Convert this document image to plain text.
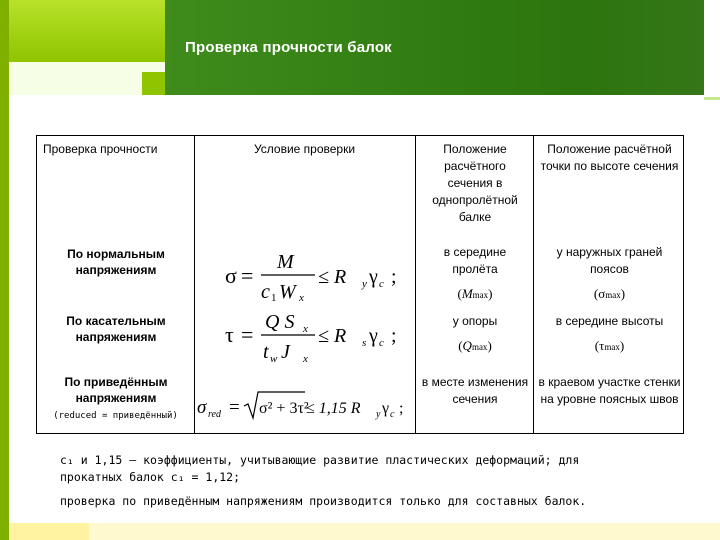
Проверка прочности балок
Проверка прочности	Условие проверки	Положение расчётного сечения в однопролётной балке
Положение расчётной точки по высоте сечения
По нормальным напряжениям
По касательным напряжениям
По приведённым напряжениям
(reduced = приведённый)
в середине пролёта
(Mmax)
у опоры
(Qmax)
в месте изменения сечения
у наружных граней поясов
(σmax)
в середине высоты
(τmax)
в краевом участке стенки на уровне поясных швов
σ =
M
c 1 W x
≤ R y γ c ;
τ = Q S x
t w J x
≤ R s γ c ;
σ red = σ² + 3τ²
≤ 1,15 R y γ c ;
c₁ и 1,15 – коэффициенты, учитывающие развитие пластических деформаций; для
прокатных балок c₁ = 1,12;
проверка по приведённым напряжениям производится только для составных балок.
